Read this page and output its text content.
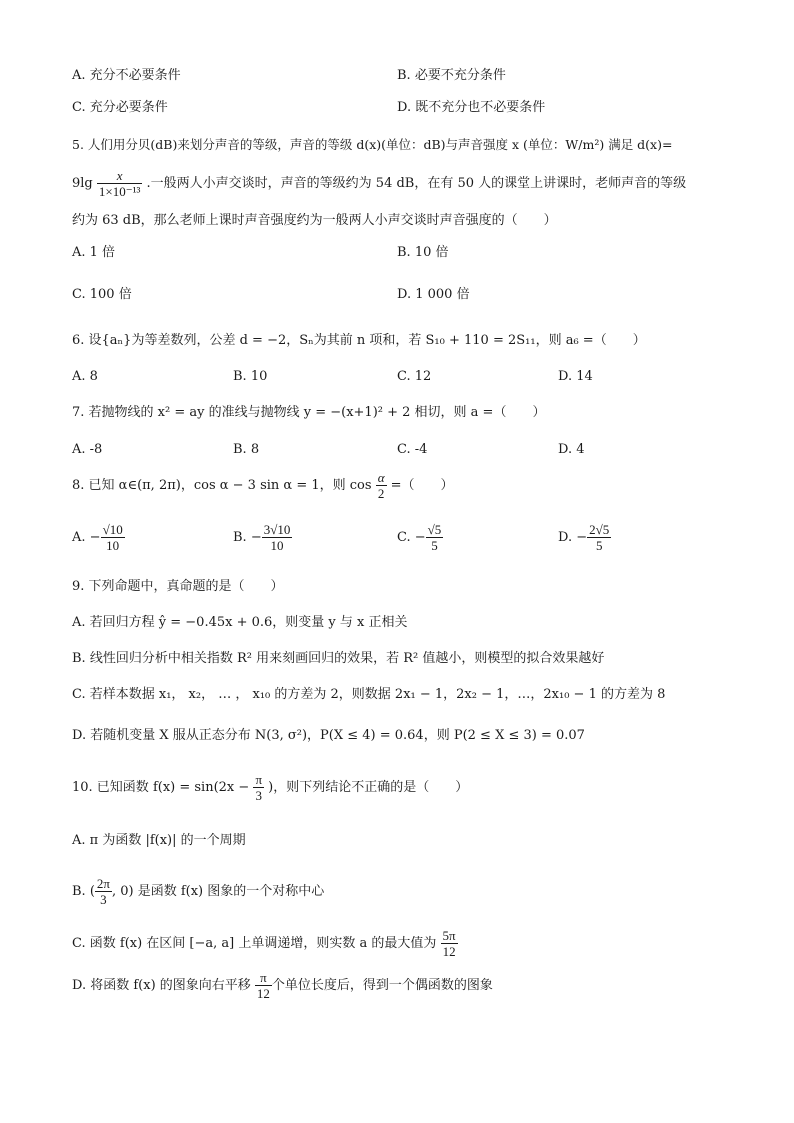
A. 充分不必要条件	B. 必要不充分条件
C. 充分必要条件	D. 既不充分也不必要条件
5. 人们用分贝(dB)来划分声音的等级，声音的等级 d(x)(单位：dB)与声音强度 x (单位：W/m²) 满足 d(x)=
$9\lg \frac{x}{\text{1×10⁻¹³}}$ .一般两人小声交谈时，声音的等级约为 54 dB，在有 50 人的课堂上讲课时，老师声音的等级
约为 63 dB，那么老师上课时声音强度约为一般两人小声交谈时声音强度的（　　）
A. 1 倍	B. 10 倍
C. 100 倍	D. 1 000 倍
6. 设{aₙ}为等差数列，公差 d = −2，Sₙ为其前 n 项和，若 S₁₀ + 110 = 2S₁₁，则 a₆ =（　　）
A. 8	B. 10	C. 12	D. 14
7. 若抛物线的 x² = ay 的准线与抛物线 y = −(x+1)² + 2 相切，则 a =（　　）
A. -8	B. 8	C. -4	D. 4
8. 已知 α∈(π, 2π)，cos α − 3 sin α = 1，则 $\cos \frac{\alpha}{2}$ =（　　）
A. − $\frac{√10}{10}$	B. − $\frac{3√10}{10}$	C. − $\frac{√5}{5}$	D. − $\frac{2√5}{5}$
9. 下列命题中，真命题的是（　　）
A. 若回归方程 ŷ = −0.45x + 0.6，则变量 y 与 x 正相关
B. 线性回归分析中相关指数 R² 用来刻画回归的效果，若 R² 值越小，则模型的拟合效果越好
C. 若样本数据 x₁， x₂， … ， x₁₀ 的方差为 2，则数据 2x₁ − 1，2x₂ − 1，…，2x₁₀ − 1 的方差为 8
D. 若随机变量 X 服从正态分布 N(3, σ²)，P(X ≤ 4) = 0.64，则 P(2 ≤ X ≤ 3) = 0.07
10. 已知函数 $f(x) = \sin(2x - \frac{\pi}{3}$ )，则下列结论不正确的是（　　）
A. π 为函数 |f(x)| 的一个周期
B. ( $\frac{2\pi}{3}$ , 0) 是函数 f(x) 图象的一个对称中心
C. 函数 f(x) 在区间 [−a, a] 上单调递增，则实数 a 的最大值为 $\frac{5\pi}{12}$
D. 将函数 f(x) 的图象向右平移 $\frac{\pi}{12}$ 个单位长度后，得到一个偶函数的图象
